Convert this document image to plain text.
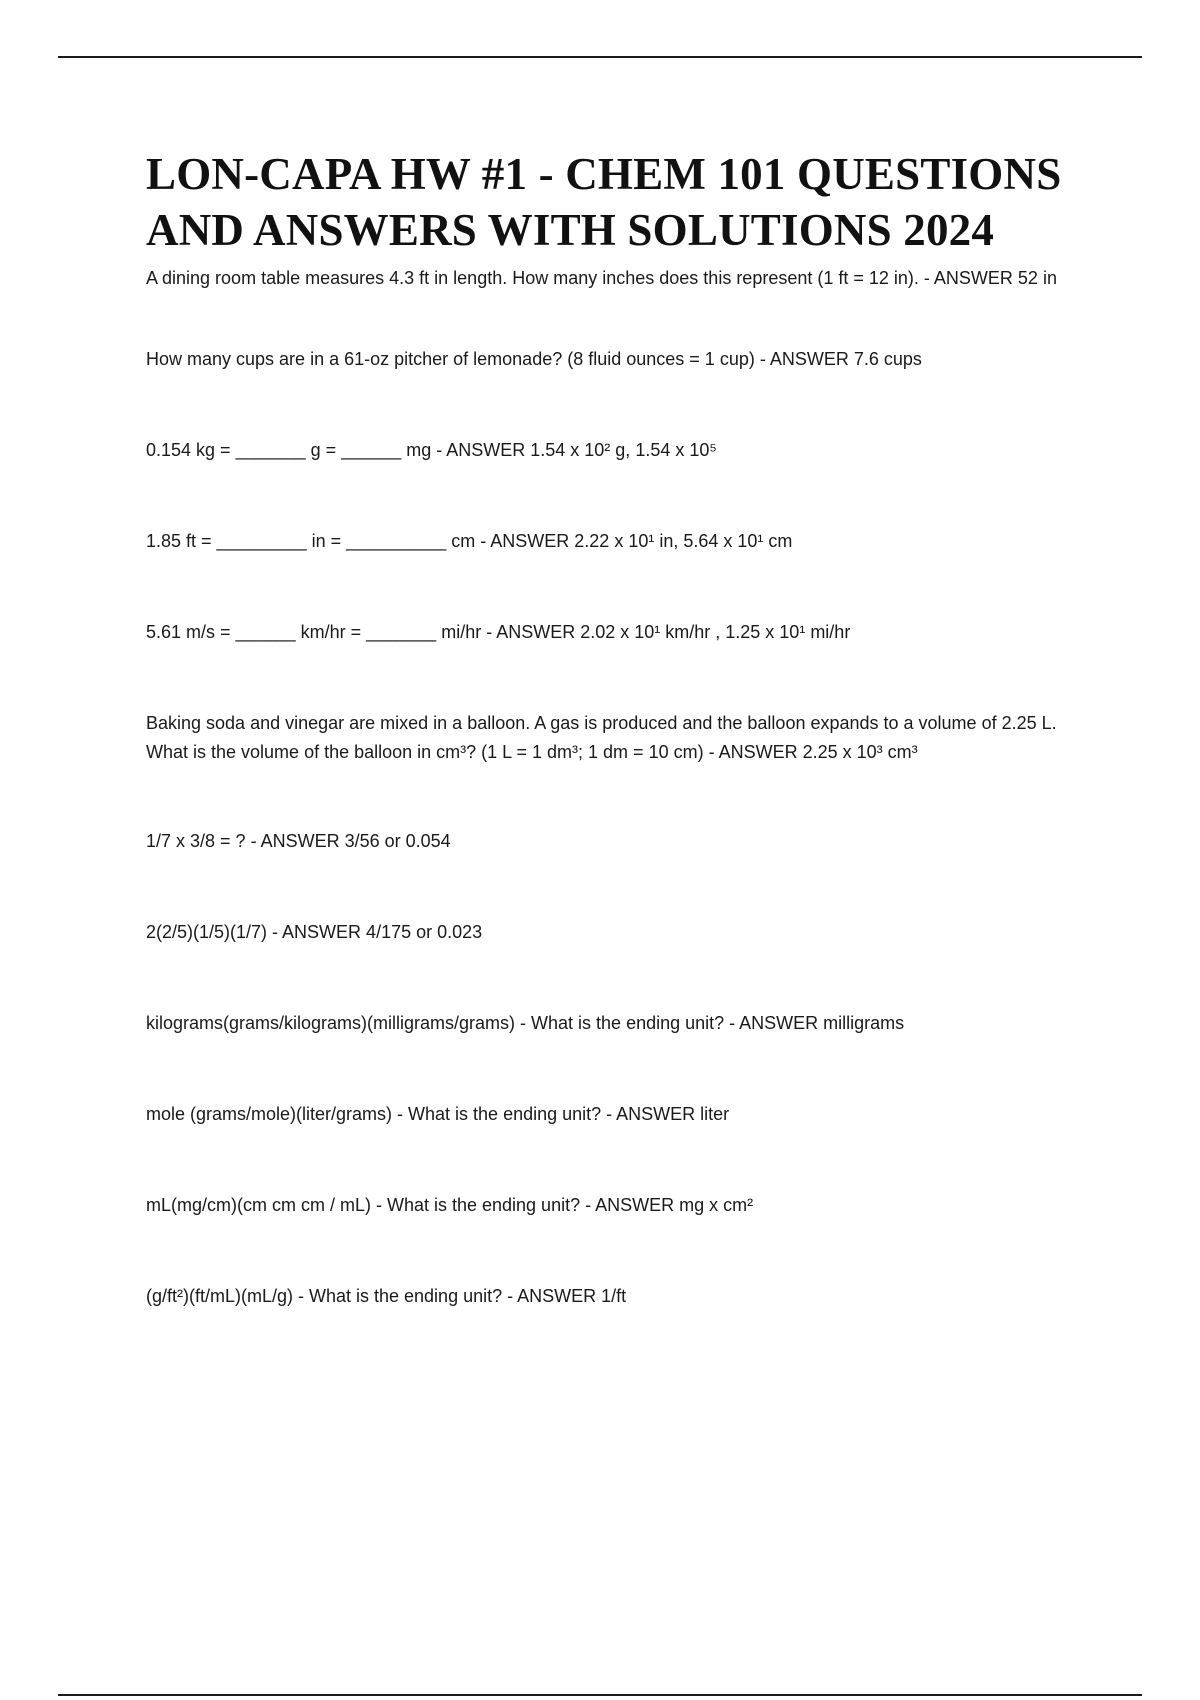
LON-CAPA HW #1 - CHEM 101 QUESTIONS AND ANSWERS WITH SOLUTIONS 2024
A dining room table measures 4.3 ft in length. How many inches does this represent (1 ft = 12 in). - ANSWER 52 in
How many cups are in a 61-oz pitcher of lemonade? (8 fluid ounces = 1 cup) - ANSWER 7.6 cups
0.154 kg = _______ g = ______ mg - ANSWER 1.54 x 10² g, 1.54 x 10⁵
1.85 ft = _________ in = __________ cm - ANSWER 2.22 x 10¹ in, 5.64 x 10¹ cm
5.61 m/s = ______ km/hr = _______ mi/hr - ANSWER 2.02 x 10¹ km/hr , 1.25 x 10¹ mi/hr
Baking soda and vinegar are mixed in a balloon. A gas is produced and the balloon expands to a volume of 2.25 L. What is the volume of the balloon in cm³? (1 L = 1 dm³; 1 dm = 10 cm) - ANSWER 2.25 x 10³ cm³
1/7 x 3/8 = ? - ANSWER 3/56 or 0.054
2(2/5)(1/5)(1/7) - ANSWER 4/175 or 0.023
kilograms(grams/kilograms)(milligrams/grams) - What is the ending unit? - ANSWER milligrams
mole (grams/mole)(liter/grams) - What is the ending unit? - ANSWER liter
mL(mg/cm)(cm cm cm / mL) - What is the ending unit? - ANSWER mg x cm²
(g/ft²)(ft/mL)(mL/g) - What is the ending unit? - ANSWER 1/ft
